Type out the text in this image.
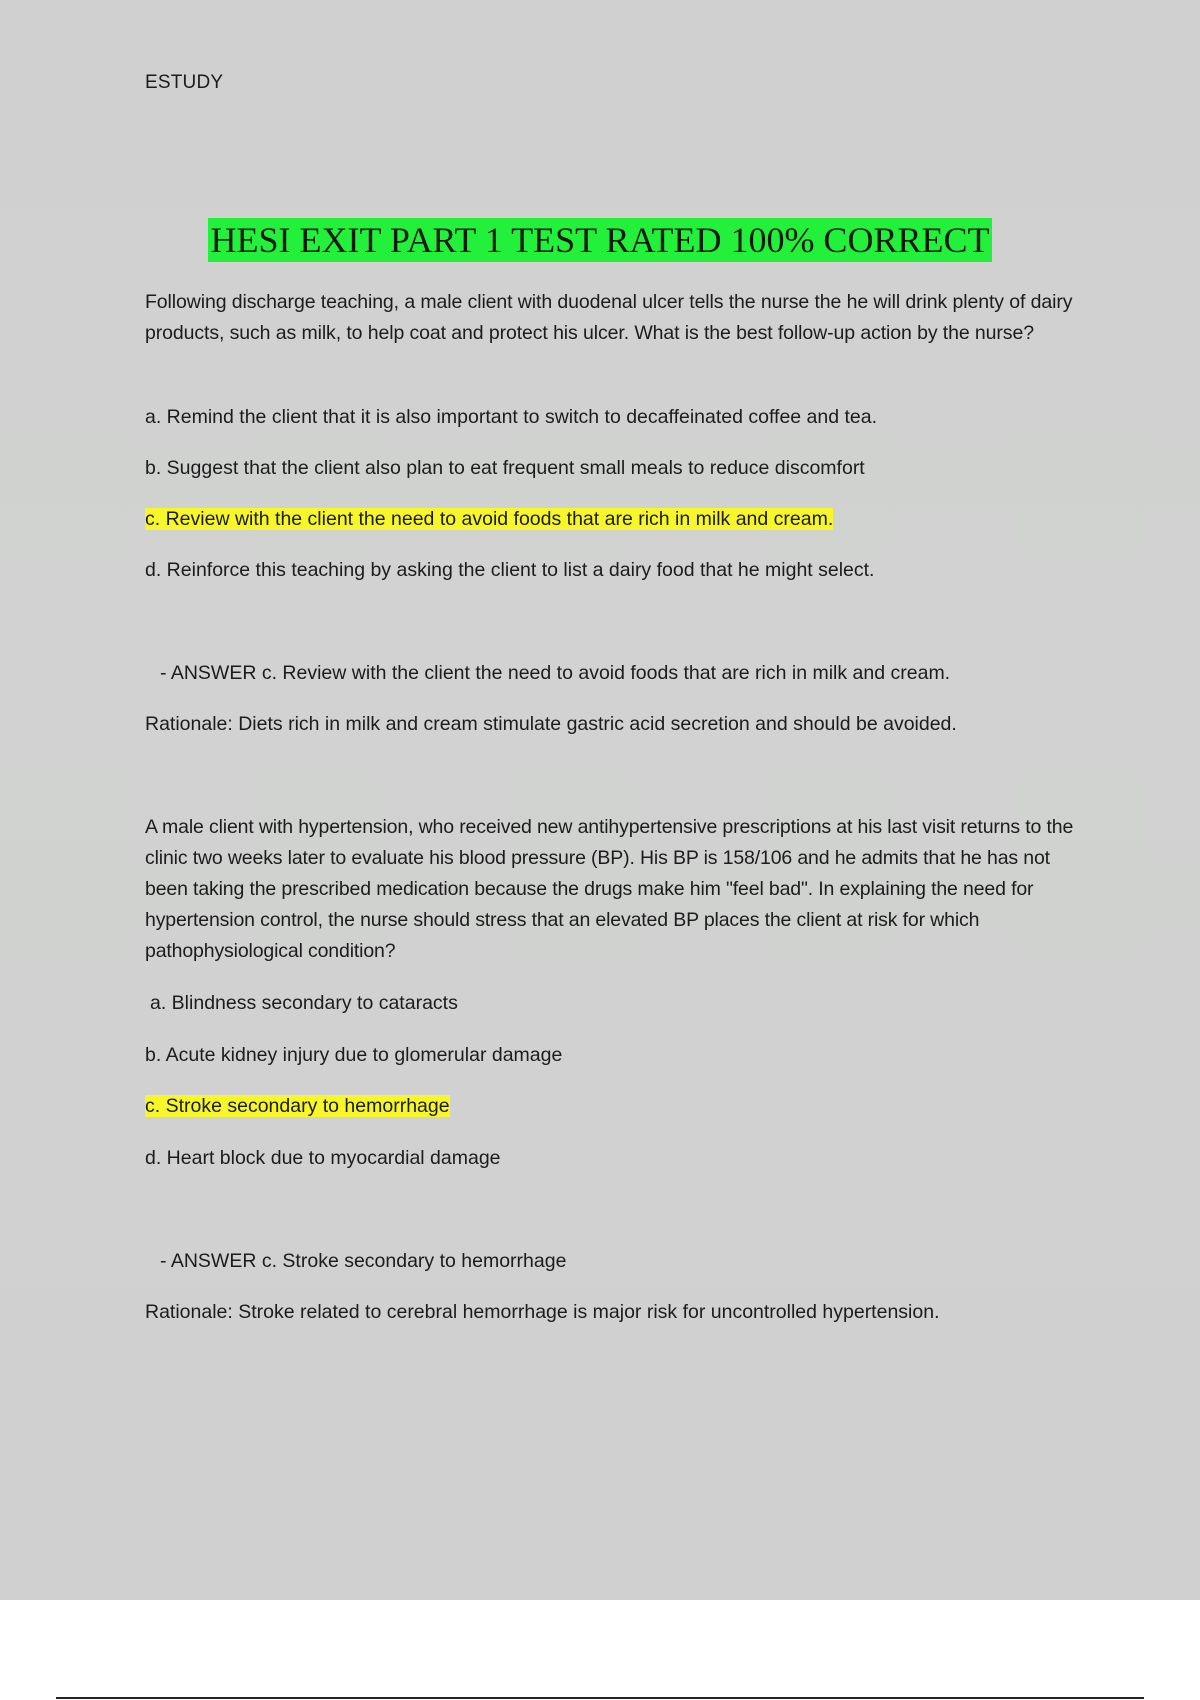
ESTUDY
HESI EXIT PART 1 TEST RATED 100% CORRECT
Following discharge teaching, a male client with duodenal ulcer tells the nurse the he will drink plenty of dairy products, such as milk, to help coat and protect his ulcer. What is the best follow-up action by the nurse?
a. Remind the client that it is also important to switch to decaffeinated coffee and tea.
b. Suggest that the client also plan to eat frequent small meals to reduce discomfort
c. Review with the client the need to avoid foods that are rich in milk and cream.
d. Reinforce this teaching by asking the client to list a dairy food that he might select.
- ANSWER c. Review with the client the need to avoid foods that are rich in milk and cream.
Rationale: Diets rich in milk and cream stimulate gastric acid secretion and should be avoided.
A male client with hypertension, who received new antihypertensive prescriptions at his last visit returns to the clinic two weeks later to evaluate his blood pressure (BP). His BP is 158/106 and he admits that he has not been taking the prescribed medication because the drugs make him "feel bad". In explaining the need for hypertension control, the nurse should stress that an elevated BP places the client at risk for which pathophysiological condition?
a. Blindness secondary to cataracts
b. Acute kidney injury due to glomerular damage
c. Stroke secondary to hemorrhage
d. Heart block due to myocardial damage
- ANSWER c. Stroke secondary to hemorrhage
Rationale: Stroke related to cerebral hemorrhage is major risk for uncontrolled hypertension.
